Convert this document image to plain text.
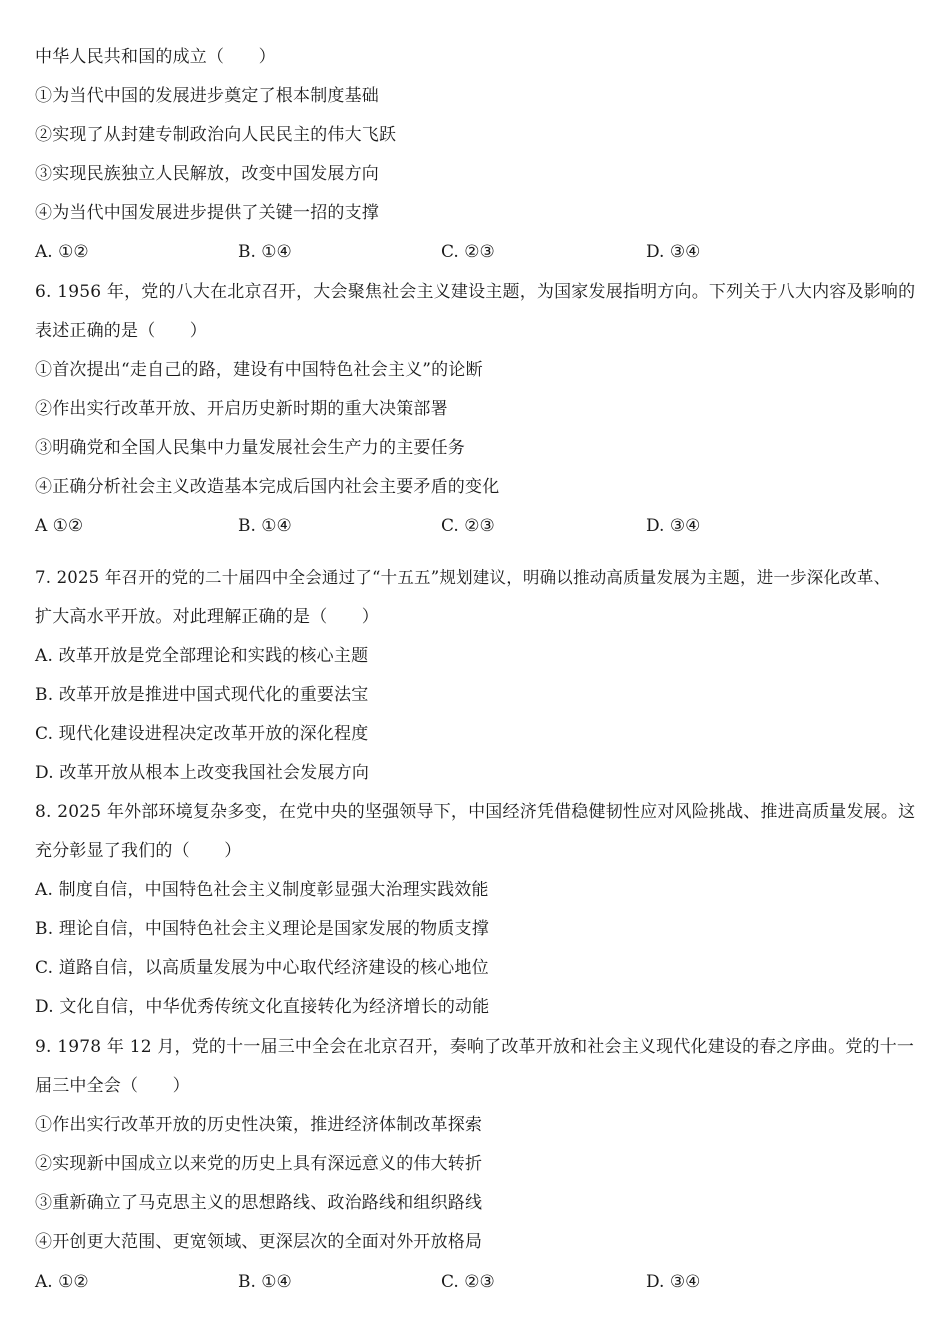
中华人民共和国的成立（　　）
①为当代中国的发展进步奠定了根本制度基础
②实现了从封建专制政治向人民民主的伟大飞跃
③实现民族独立人民解放，改变中国发展方向
④为当代中国发展进步提供了关键一招的支撑
A. ①②	B. ①④	C. ②③	D. ③④
6. 1956 年，党的八大在北京召开，大会聚焦社会主义建设主题，为国家发展指明方向。下列关于八大内容及影响的
表述正确的是（　　）
①首次提出“走自己的路，建设有中国特色社会主义”的论断
②作出实行改革开放、开启历史新时期的重大决策部署
③明确党和全国人民集中力量发展社会生产力的主要任务
④正确分析社会主义改造基本完成后国内社会主要矛盾的变化
A ①②	B. ①④	C. ②③	D. ③④
7. 2025 年召开的党的二十届四中全会通过了“十五五”规划建议，明确以推动高质量发展为主题，进一步深化改革、
扩大高水平开放。对此理解正确的是（　　）
A. 改革开放是党全部理论和实践的核心主题
B. 改革开放是推进中国式现代化的重要法宝
C. 现代化建设进程决定改革开放的深化程度
D. 改革开放从根本上改变我国社会发展方向
8. 2025 年外部环境复杂多变，在党中央的坚强领导下，中国经济凭借稳健韧性应对风险挑战、推进高质量发展。这
充分彰显了我们的（　　）
A. 制度自信，中国特色社会主义制度彰显强大治理实践效能
B. 理论自信，中国特色社会主义理论是国家发展的物质支撑
C. 道路自信，以高质量发展为中心取代经济建设的核心地位
D. 文化自信，中华优秀传统文化直接转化为经济增长的动能
9. 1978 年 12 月，党的十一届三中全会在北京召开，奏响了改革开放和社会主义现代化建设的春之序曲。党的十一
届三中全会（　　）
①作出实行改革开放的历史性决策，推进经济体制改革探索
②实现新中国成立以来党的历史上具有深远意义的伟大转折
③重新确立了马克思主义的思想路线、政治路线和组织路线
④开创更大范围、更宽领域、更深层次的全面对外开放格局
A. ①②	B. ①④	C. ②③	D. ③④
